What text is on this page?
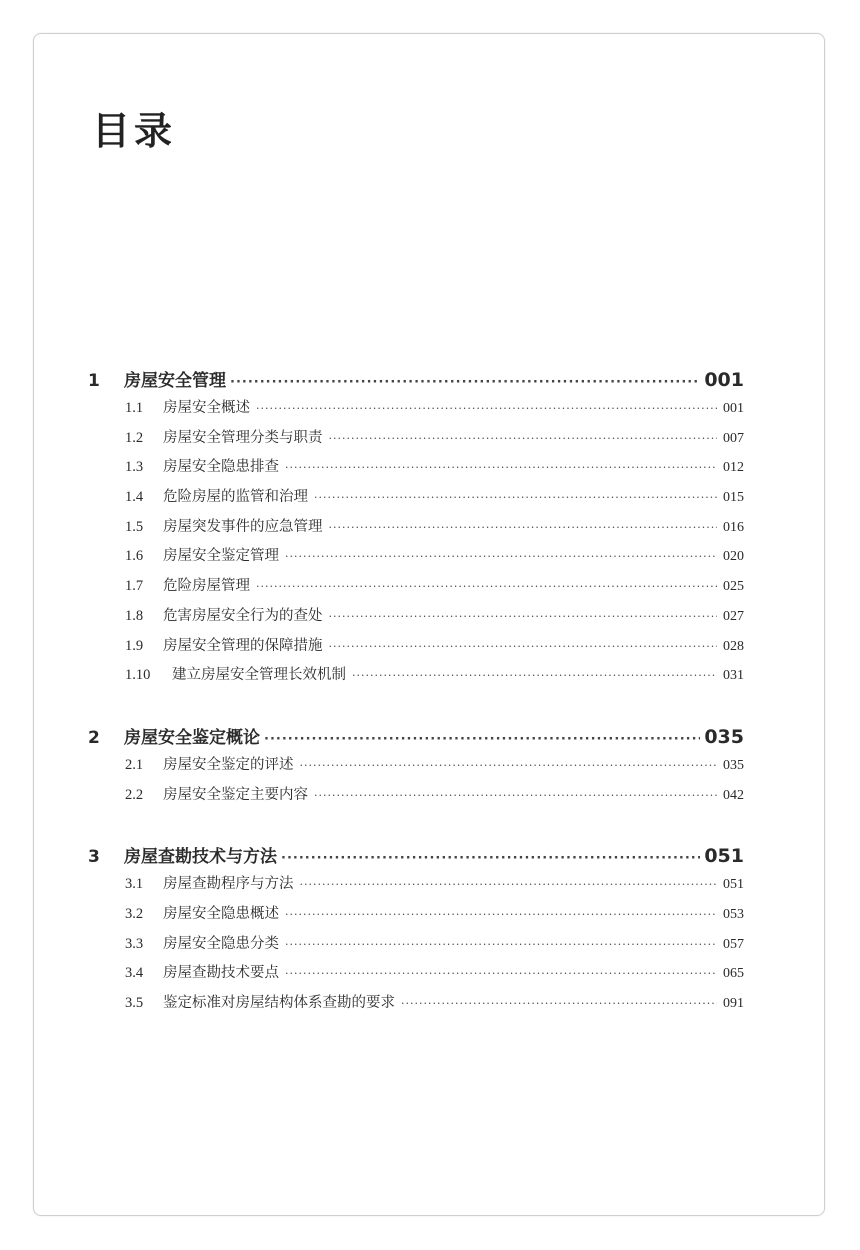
目录
1	房屋安全管理 ·····	001
1.1	房屋安全概述 ·····	001
1.2	房屋安全管理分类与职责 ·····	007
1.3	房屋安全隐患排查 ·····	012
1.4	危险房屋的监管和治理 ·····	015
1.5	房屋突发事件的应急管理 ·····	016
1.6	房屋安全鉴定管理 ·····	020
1.7	危险房屋管理 ·····	025
1.8	危害房屋安全行为的查处 ·····	027
1.9	房屋安全管理的保障措施 ·····	028
1.10	建立房屋安全管理长效机制 ·····	031
2	房屋安全鉴定概论 ·····	035
2.1	房屋安全鉴定的评述 ·····	035
2.2	房屋安全鉴定主要内容 ·····	042
3	房屋查勘技术与方法 ·····	051
3.1	房屋查勘程序与方法 ·····	051
3.2	房屋安全隐患概述 ·····	053
3.3	房屋安全隐患分类 ·····	057
3.4	房屋查勘技术要点 ·····	065
3.5	鉴定标准对房屋结构体系查勘的要求 ·····	091
